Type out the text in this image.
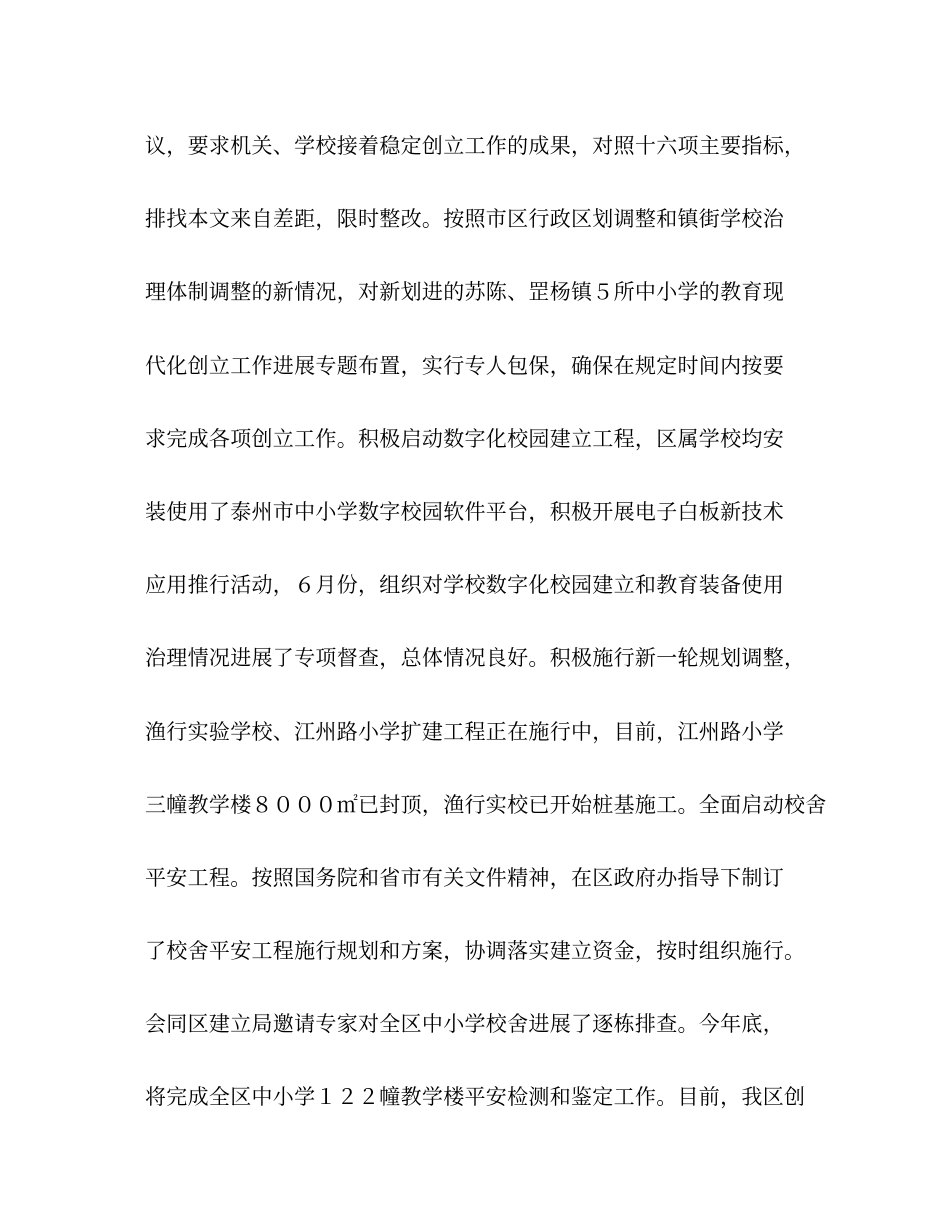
议，要求机关、学校接着稳定创立工作的成果，对照十六项主要指标，
排找本文来自差距，限时整改。按照市区行政区划调整和镇街学校治
理体制调整的新情况，对新划进的苏陈、罡杨镇５所中小学的教育现
代化创立工作进展专题布置，实行专人包保，确保在规定时间内按要
求完成各项创立工作。积极启动数字化校园建立工程，区属学校均安
装使用了泰州市中小学数字校园软件平台，积极开展电子白板新技术
应用推行活动，６月份，组织对学校数字化校园建立和教育装备使用
治理情况进展了专项督查，总体情况良好。积极施行新一轮规划调整，
渔行实验学校、江州路小学扩建工程正在施行中，目前，江州路小学
三幢教学楼８０００㎡已封顶，渔行实校已开始桩基施工。全面启动校舍
平安工程。按照国务院和省市有关文件精神，在区政府办指导下制订
了校舍平安工程施行规划和方案，协调落实建立资金，按时组织施行。
会同区建立局邀请专家对全区中小学校舍进展了逐栋排查。今年底，
将完成全区中小学１２２幢教学楼平安检测和鉴定工作。目前，我区创
